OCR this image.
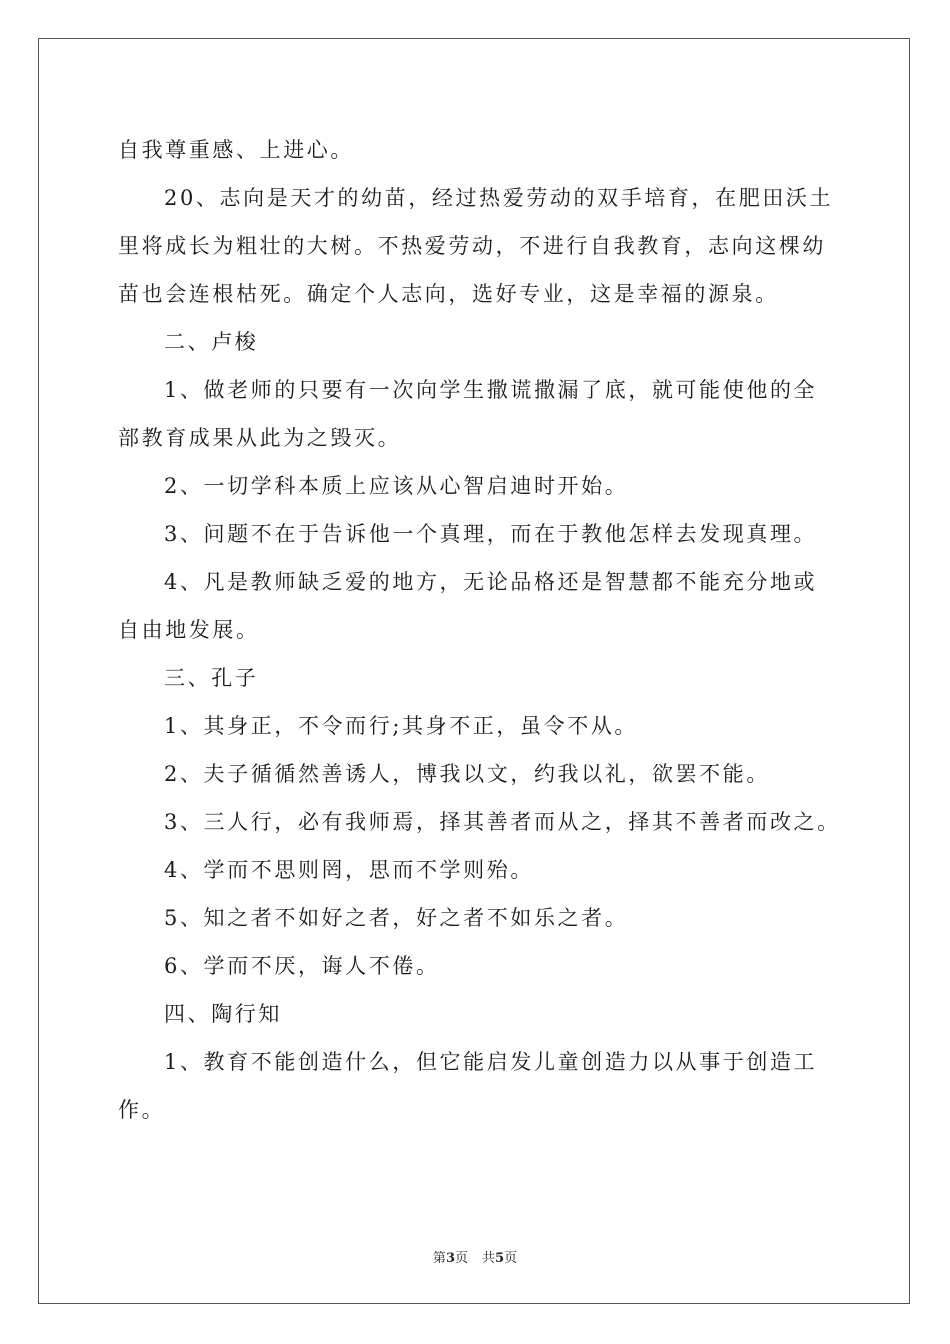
自我尊重感、上进心。
20、志向是天才的幼苗，经过热爱劳动的双手培育，在肥田沃土
里将成长为粗壮的大树。不热爱劳动，不进行自我教育，志向这棵幼
苗也会连根枯死。确定个人志向，选好专业，这是幸福的源泉。
二、卢梭
1、做老师的只要有一次向学生撒谎撒漏了底，就可能使他的全
部教育成果从此为之毁灭。
2、一切学科本质上应该从心智启迪时开始。
3、问题不在于告诉他一个真理，而在于教他怎样去发现真理。
4、凡是教师缺乏爱的地方，无论品格还是智慧都不能充分地或
自由地发展。
三、孔子
1、其身正，不令而行;其身不正，虽令不从。
2、夫子循循然善诱人，博我以文，约我以礼，欲罢不能。
3、三人行，必有我师焉，择其善者而从之，择其不善者而改之。
4、学而不思则罔，思而不学则殆。
5、知之者不如好之者，好之者不如乐之者。
6、学而不厌，诲人不倦。
四、陶行知
1、教育不能创造什么，但它能启发儿童创造力以从事于创造工
作。
第3页 共5页
